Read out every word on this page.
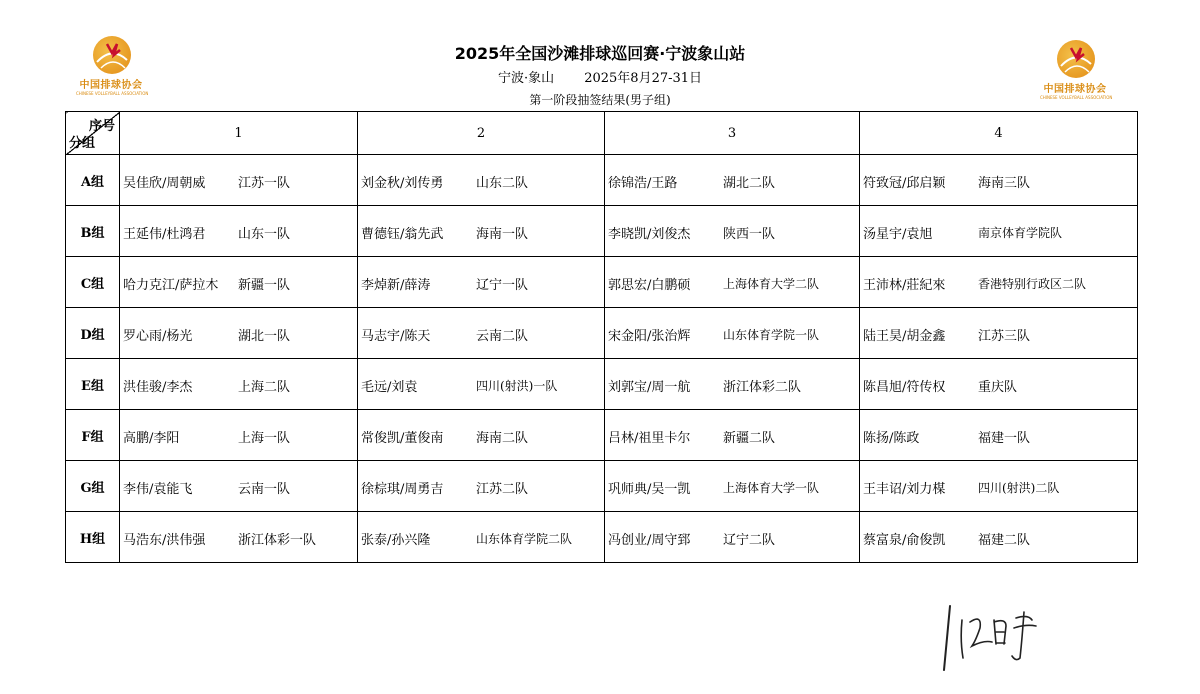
中国排球协会
CHINESE VOLLEYBALL ASSOCIATION	中国排球协会
CHINESE VOLLEYBALL ASSOCIATION
2025年全国沙滩排球巡回赛·宁波象山站
宁波·象山 2025年8月27-31日
第一阶段抽签结果(男子组)
序号
分组	1	2	3	4
A组	吴佳欣/周朝威 江苏一队	刘金秋/刘传勇 山东二队	徐锦浩/王路 湖北二队	符致冠/邱启颖 海南三队

B组	王延伟/杜鸿君 山东一队	曹德钰/翁先武 海南一队	李晓凯/刘俊杰 陕西一队	汤星宇/袁旭 南京体育学院队

C组	哈力克江/萨拉木 新疆一队	李焯新/薛涛 辽宁一队	郭思宏/白鹏硕 上海体育大学二队	王沛林/莊紀來 香港特别行政区二队

D组	罗心雨/杨光 湖北一队	马志宇/陈天 云南二队	宋金阳/张治辉 山东体育学院一队	陆王昊/胡金鑫 江苏三队

E组	洪佳骏/李杰 上海二队	毛远/刘袁 四川(射洪)一队	刘郭宝/周一航 浙江体彩二队	陈昌旭/符传权 重庆队

F组	高鹏/李阳 上海一队	常俊凯/董俊南 海南二队	吕林/祖里卡尔 新疆二队	陈扬/陈政 福建一队

G组	李伟/袁能飞 云南一队	徐棕琪/周勇吉 江苏二队	巩师典/吴一凯 上海体育大学一队	王丰诏/刘力楳 四川(射洪)二队

H组	马浩东/洪伟强 浙江体彩一队	张泰/孙兴隆 山东体育学院二队	冯创业/周守郅 辽宁二队	蔡富泉/俞俊凯 福建二队
